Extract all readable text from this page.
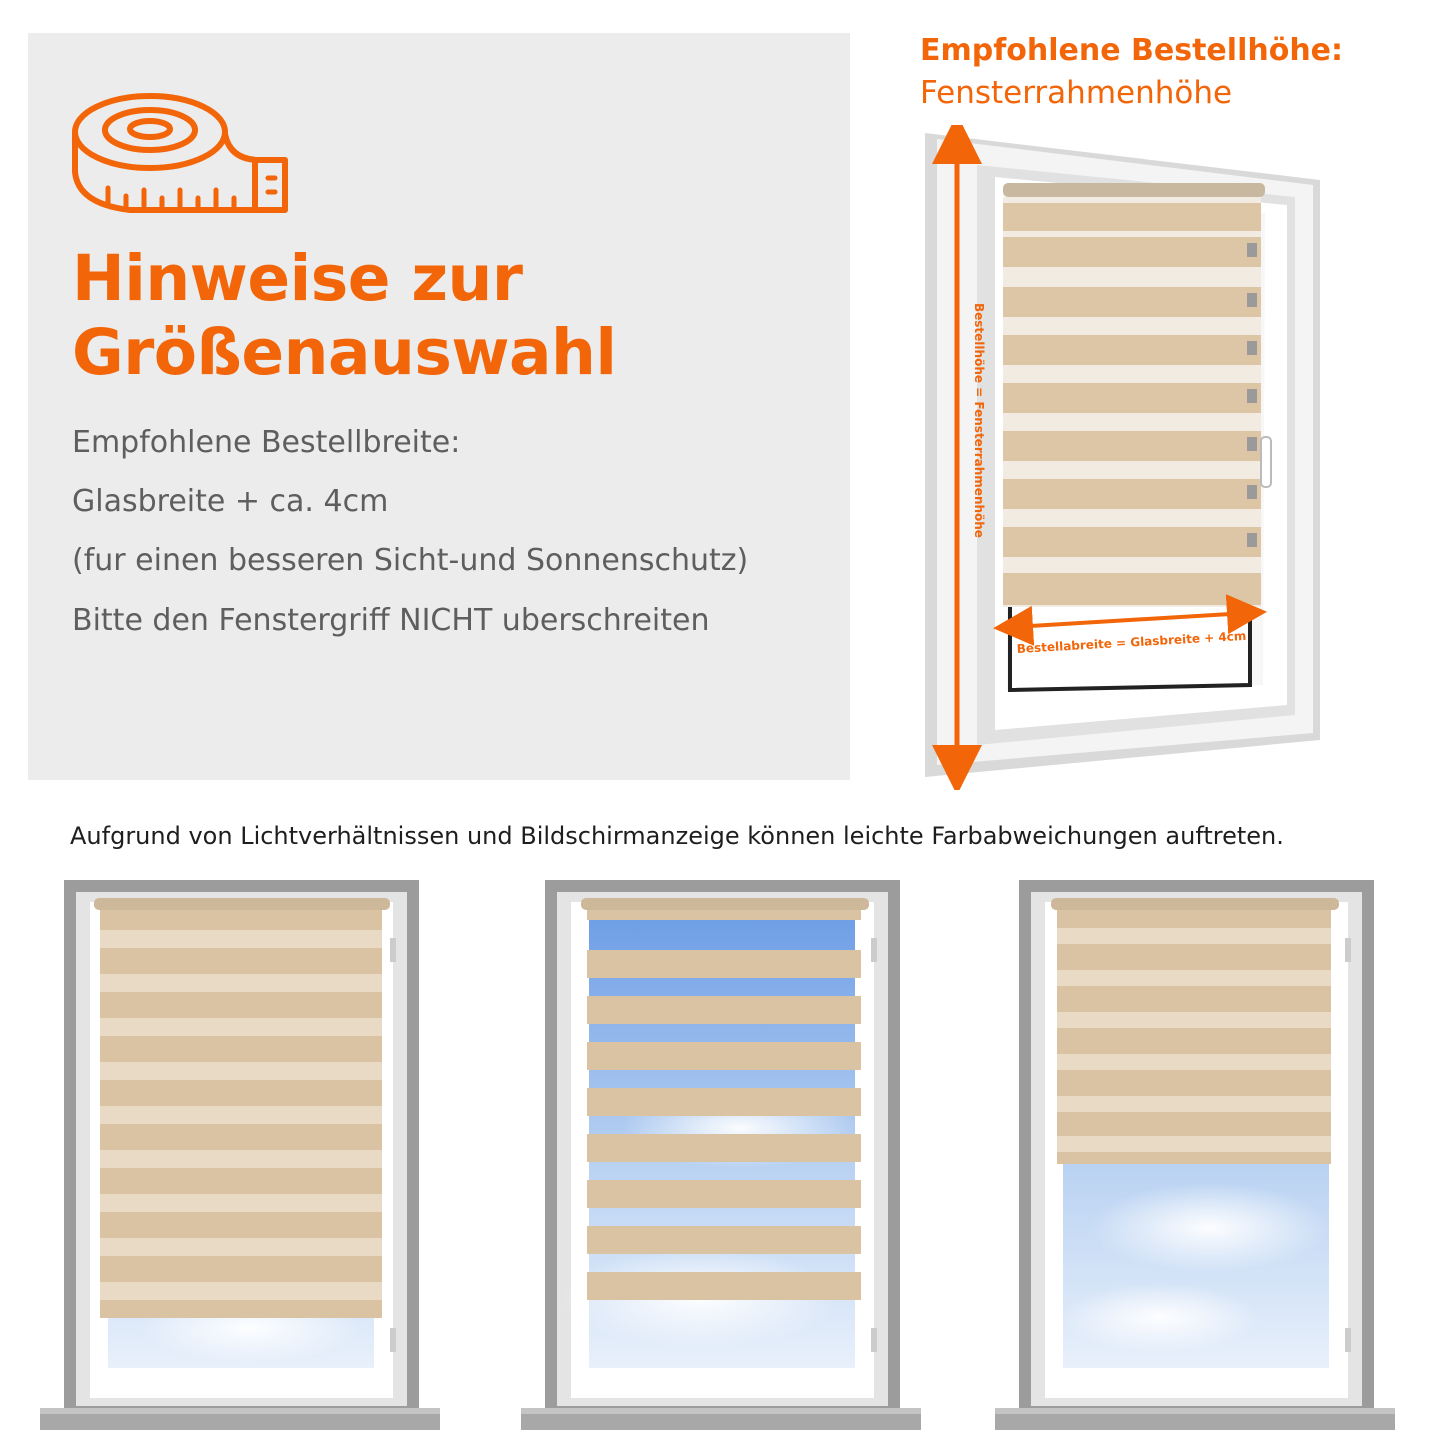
Hinweise zur
Größenauswahl
Empfohlene Bestellbreite:
Glasbreite + ca. 4cm
(fur einen besseren Sicht-und Sonnenschutz)
Bitte den Fenstergriff NICHT uberschreiten
Empfohlene Bestellhöhe:
Fensterrahmenhöhe
Bestellhöhe = Fensterrahmenhöhe
Bestellabreite = Glasbreite + 4cm
Aufgrund von Lichtverhältnissen und Bildschirmanzeige können leichte Farbabweichungen auftreten.
